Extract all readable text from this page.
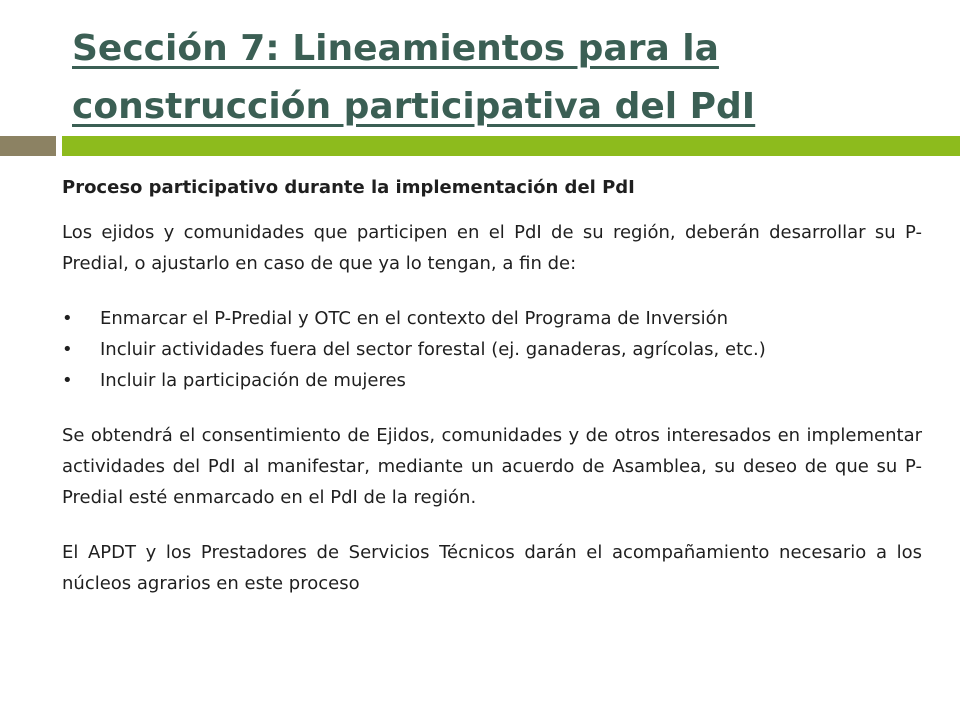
Sección 7: Lineamientos para la construcción participativa del PdI

Proceso participativo durante la implementación del PdI

Los ejidos y comunidades que participen en el PdI de su región, deberán desarrollar su P-Predial, o ajustarlo en caso de que ya lo tengan, a fin de:

• Enmarcar el P-Predial y OTC en el contexto del Programa de Inversión
• Incluir actividades fuera del sector forestal (ej. ganaderas, agrícolas, etc.)
• Incluir la participación de mujeres

Se obtendrá el consentimiento de Ejidos, comunidades y de otros interesados en implementar actividades del PdI al manifestar, mediante un acuerdo de Asamblea, su deseo de que su P-Predial esté enmarcado en el PdI de la región.

El APDT y los Prestadores de Servicios Técnicos darán el acompañamiento necesario a los núcleos agrarios en este proceso
